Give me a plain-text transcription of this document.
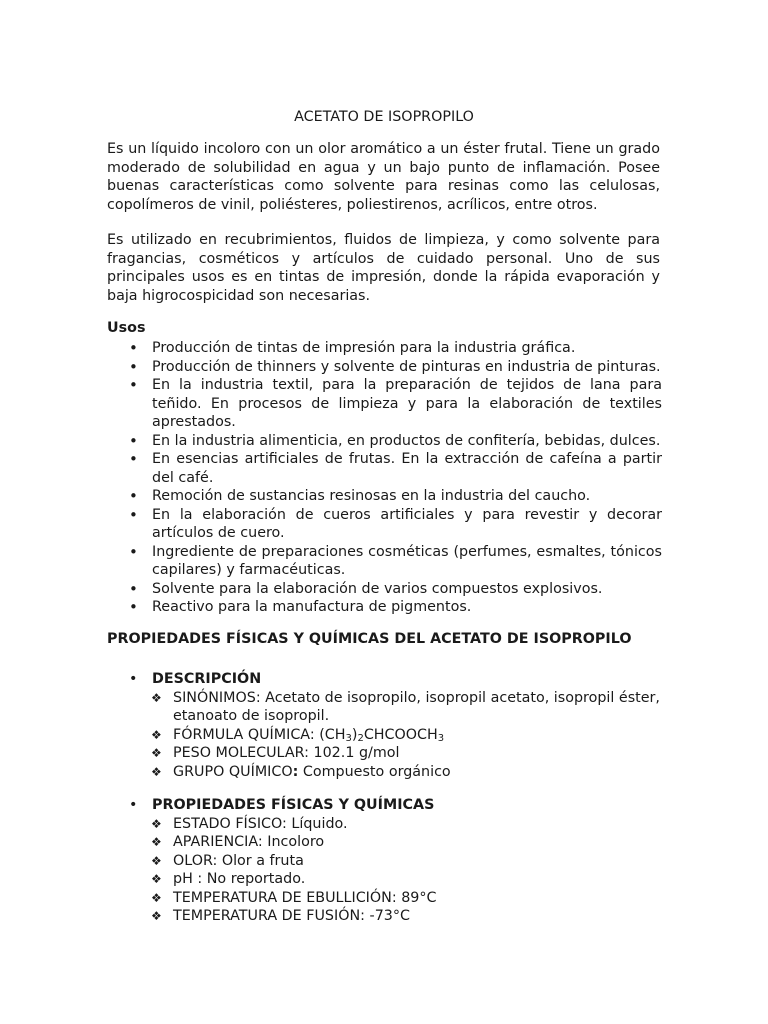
ACETATO DE ISOPROPILO

Es un líquido incoloro con un olor aromático a un éster frutal. Tiene un grado moderado de solubilidad en agua y un bajo punto de inflamación. Posee buenas características como solvente para resinas como las celulosas, copolímeros de vinil, poliésteres, poliestirenos, acrílicos, entre otros.

Es utilizado en recubrimientos, fluidos de limpieza, y como solvente para fragancias, cosméticos y artículos de cuidado personal. Uno de sus principales usos es en tintas de impresión, donde la rápida evaporación y baja higrocospicidad son necesarias.

Usos
• Producción de tintas de impresión para la industria gráfica.
• Producción de thinners y solvente de pinturas en industria de pinturas.
• En la industria textil, para la preparación de tejidos de lana para teñido. En procesos de limpieza y para la elaboración de textiles aprestados.
• En la industria alimenticia, en productos de confitería, bebidas, dulces.
• En esencias artificiales de frutas. En la extracción de cafeína a partir del café.
• Remoción de sustancias resinosas en la industria del caucho.
• En la elaboración de cueros artificiales y para revestir y decorar artículos de cuero.
• Ingrediente de preparaciones cosméticas (perfumes, esmaltes, tónicos capilares) y farmacéuticas.
• Solvente para la elaboración de varios compuestos explosivos.
• Reactivo para la manufactura de pigmentos.
PROPIEDADES FÍSICAS Y QUÍMICAS DEL ACETATO DE ISOPROPILO
• DESCRIPCIÓN
❖ SINÓNIMOS: Acetato de isopropilo, isopropil acetato, isopropil éster, etanoato de isopropil.
❖ FÓRMULA QUÍMICA: $(CH_3)_2CHCOOCH_3$
❖ PESO MOLECULAR: 102.1 g/mol
❖ GRUPO QUÍMICO: Compuesto orgánico
• PROPIEDADES FÍSICAS Y QUÍMICAS
❖ ESTADO FÍSICO: Líquido.
❖ APARIENCIA: Incoloro
❖ OLOR: Olor a fruta
❖ pH : No reportado.
❖ TEMPERATURA DE EBULLICIÓN: 89°C
❖ TEMPERATURA DE FUSIÓN: -73°C
